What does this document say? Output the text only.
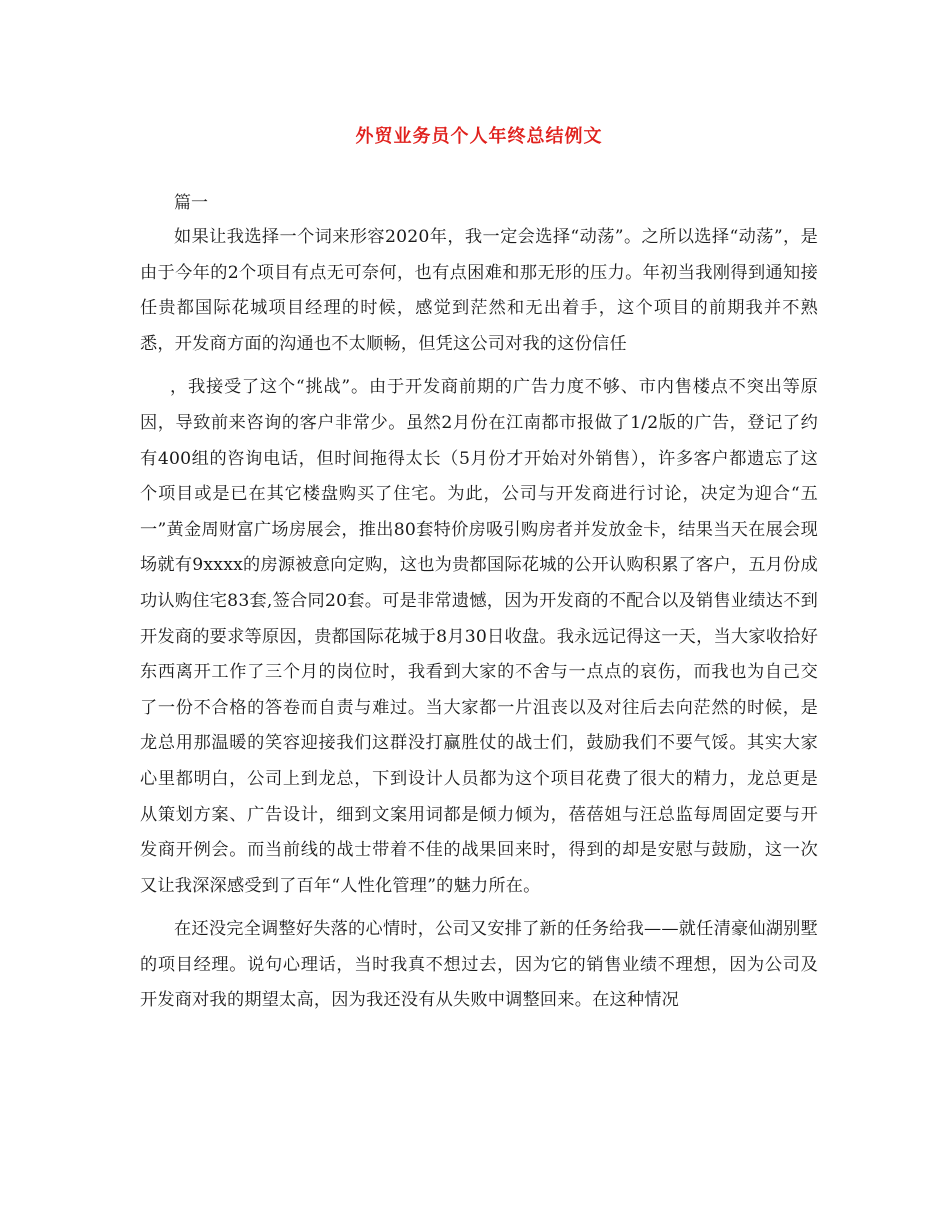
外贸业务员个人年终总结例文
篇一

如果让我选择一个词来形容2020年，我一定会选择“动荡”。之所以选择“动荡”，是由于今年的2个项目有点无可奈何，也有点困难和那无形的压力。年初当我刚得到通知接任贵都国际花城项目经理的时候，感觉到茫然和无出着手，这个项目的前期我并不熟悉，开发商方面的沟通也不太顺畅，但凭这公司对我的这份信任

，我接受了这个“挑战”。由于开发商前期的广告力度不够、市内售楼点不突出等原因，导致前来咨询的客户非常少。虽然2月份在江南都市报做了1/2版的广告，登记了约有400组的咨询电话，但时间拖得太长（5月份才开始对外销售），许多客户都遗忘了这个项目或是已在其它楼盘购买了住宅。为此，公司与开发商进行讨论，决定为迎合“五一”黄金周财富广场房展会，推出80套特价房吸引购房者并发放金卡，结果当天在展会现场就有9xxxx的房源被意向定购，这也为贵都国际花城的公开认购积累了客户，五月份成功认购住宅83套,签合同20套。可是非常遗憾，因为开发商的不配合以及销售业绩达不到开发商的要求等原因，贵都国际花城于8月30日收盘。我永远记得这一天，当大家收拾好东西离开工作了三个月的岗位时，我看到大家的不舍与一点点的哀伤，而我也为自己交了一份不合格的答卷而自责与难过。当大家都一片沮丧以及对往后去向茫然的时候，是龙总用那温暖的笑容迎接我们这群没打赢胜仗的战士们，鼓励我们不要气馁。其实大家心里都明白，公司上到龙总，下到设计人员都为这个项目花费了很大的精力，龙总更是从策划方案、广告设计，细到文案用词都是倾力倾为，蓓蓓姐与汪总监每周固定要与开发商开例会。而当前线的战士带着不佳的战果回来时，得到的却是安慰与鼓励，这一次又让我深深感受到了百年“人性化管理”的魅力所在。

在还没完全调整好失落的心情时，公司又安排了新的任务给我——就任清豪仙湖别墅的项目经理。说句心理话，当时我真不想过去，因为它的销售业绩不理想，因为公司及开发商对我的期望太高，因为我还没有从失败中调整回来。在这种情况
